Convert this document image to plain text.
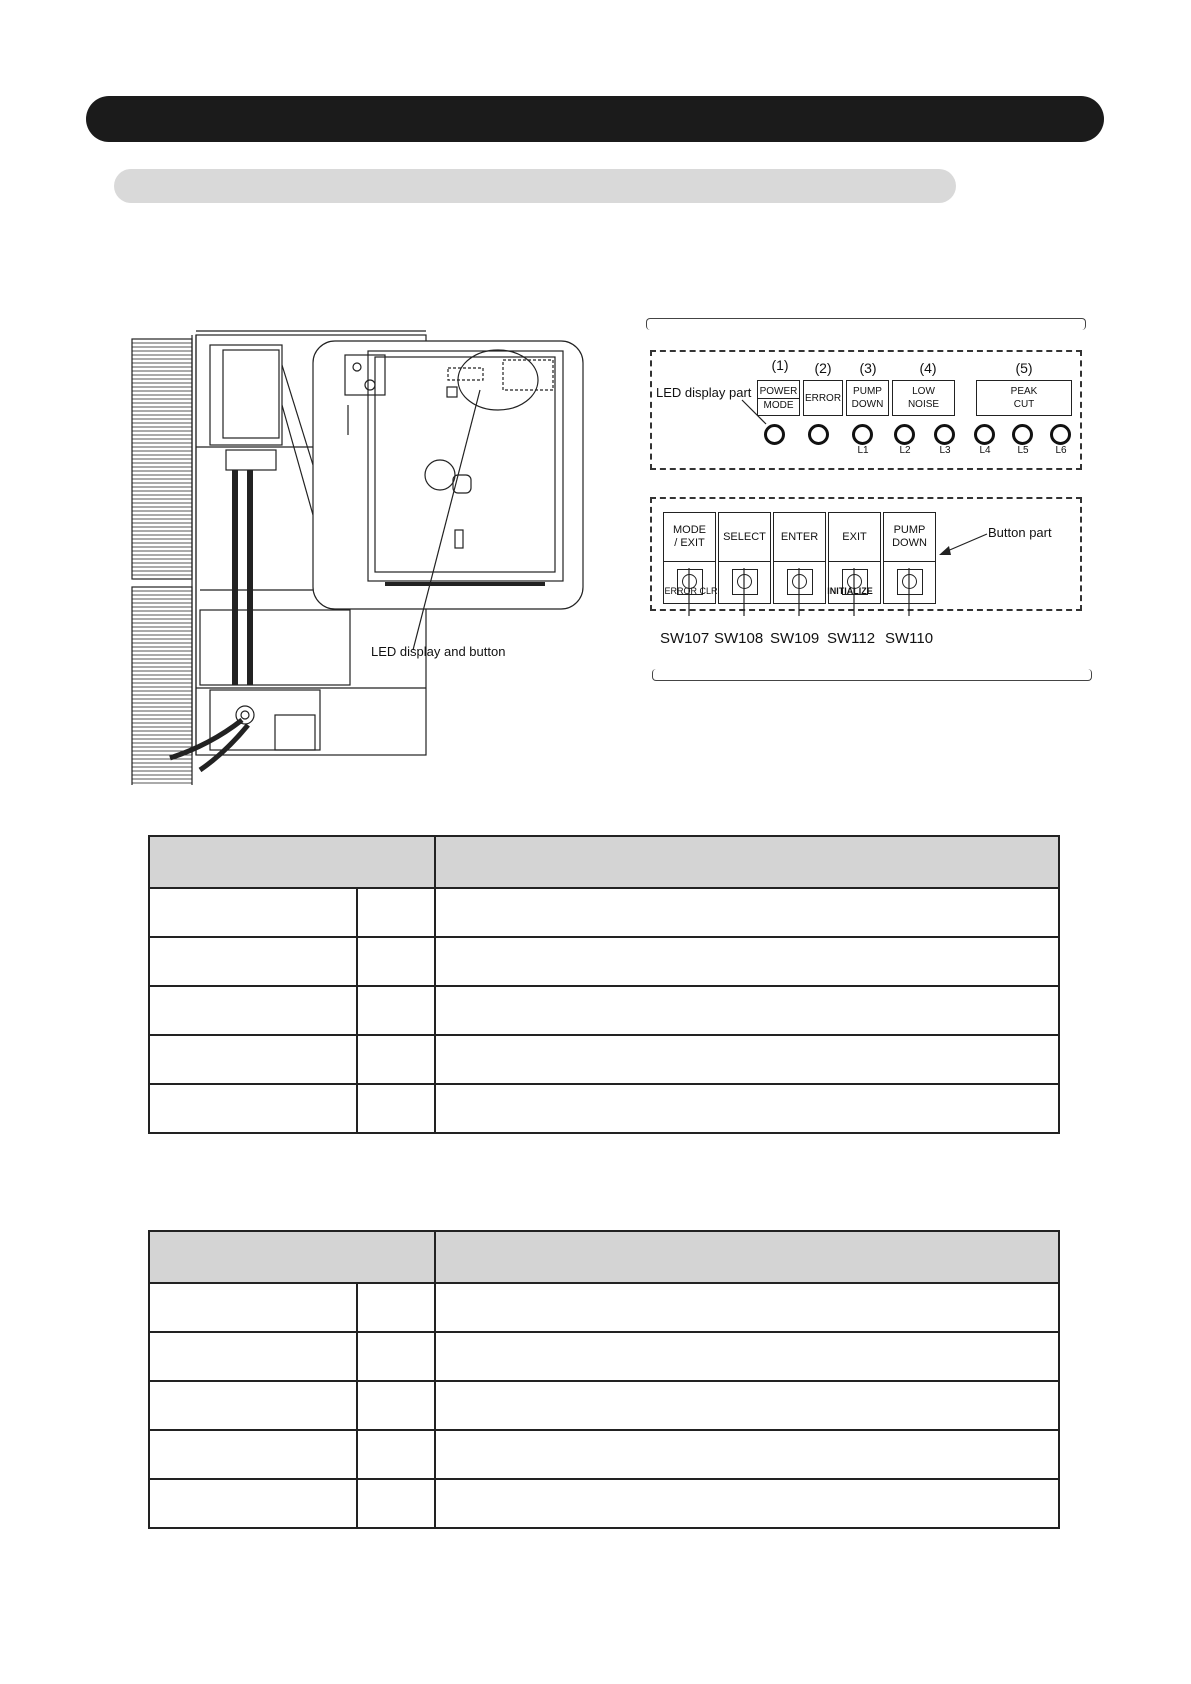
LED display and button
LED display part
(1)	(2)	(3)	(4)	(5)
POWER
MODE
ERROR
PUMP
DOWN
LOW
NOISE
PEAK
CUT
L1	L2	L3	L4	L5	L6
MODE
/ EXIT
SELECT ENTER EXIT
PUMP
DOWN
ERROR CLR	INITIALIZE
Button part
SW107 SW108 SW109 SW112 SW110
